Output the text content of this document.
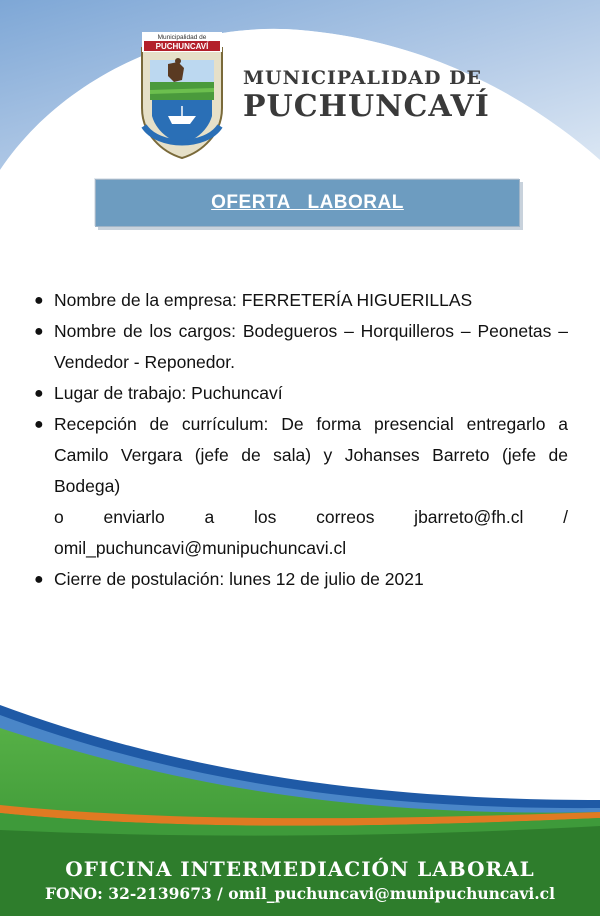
Municipalidad de
PUCHUNCAVÍ
MUNICIPALIDAD DE
PUCHUNCAVÍ
OFERTA   LABORAL
● Nombre de la empresa: FERRETERÍA HIGUERILLAS
● Nombre de los cargos: Bodegueros – Horquilleros – Peonetas – Vendedor - Reponedor.
● Lugar de trabajo: Puchuncaví
● Recepción de currículum: De forma presencial entregarlo a Camilo Vergara (jefe de sala) y Johanses Barreto (jefe de Bodega)
o enviarlo a los correos jbarreto@fh.cl /
omil_puchuncavi@munipuchuncavi.cl
● Cierre de postulación: lunes 12 de julio de 2021
OFICINA INTERMEDIACIÓN LABORAL
FONO: 32-2139673 / omil_puchuncavi@munipuchuncavi.cl
